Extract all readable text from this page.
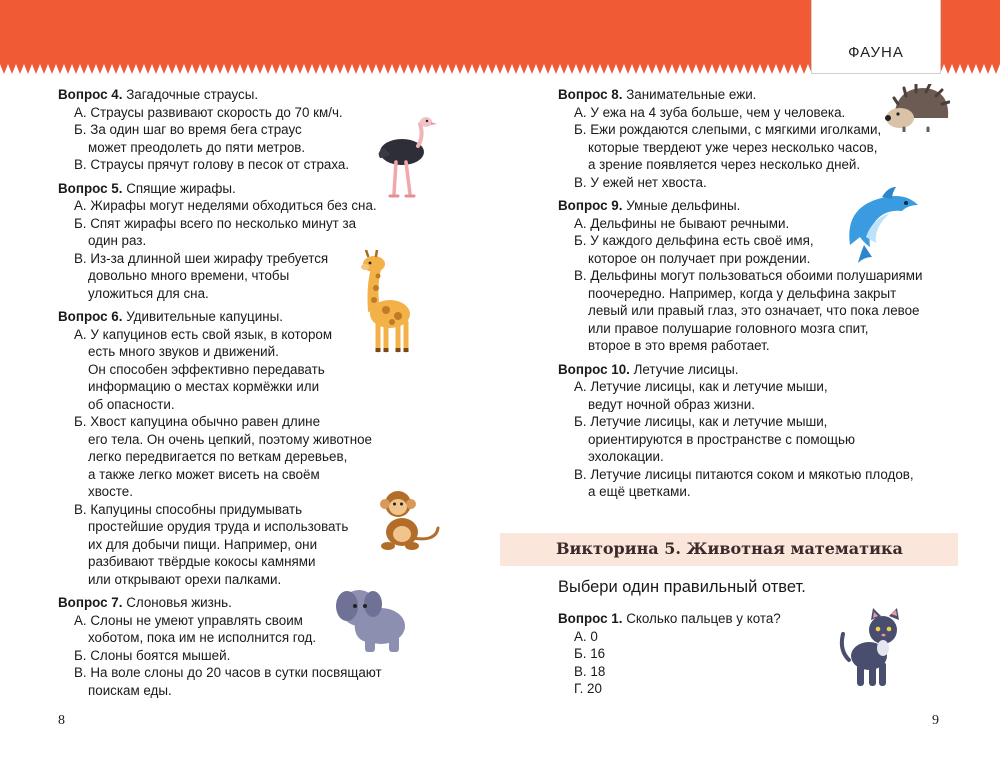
ФАУНА
Вопрос 4. Загадочные страусы.
А. Страусы развивают скорость до 70 км/ч.
Б. За один шаг во время бега страус
может преодолеть до пяти метров.
В. Страусы прячут голову в песок от страха.
Вопрос 5. Спящие жирафы.
А. Жирафы могут неделями обходиться без сна.
Б. Спят жирафы всего по несколько минут за один раз.
В. Из-за длинной шеи жирафу требуется
довольно много времени, чтобы
уложиться для сна.
Вопрос 6. Удивительные капуцины.
А. У капуцинов есть свой язык, в котором
есть много звуков и движений.
Он способен эффективно передавать
информацию о местах кормёжки или
об опасности.
Б. Хвост капуцина обычно равен длине
его тела. Он очень цепкий, поэтому животное
легко передвигается по веткам деревьев,
а также легко может висеть на своём
хвосте.
В. Капуцины способны придумывать
простейшие орудия труда и использовать
их для добычи пищи. Например, они
разбивают твёрдые кокосы камнями
или открывают орехи палками.
Вопрос 7. Слоновья жизнь.
А. Слоны не умеют управлять своим
хоботом, пока им не исполнится год.
Б. Слоны боятся мышей.
В. На воле слоны до 20 часов в сутки посвящают
поискам еды.
Вопрос 8. Занимательные ежи.
А. У ежа на 4 зуба больше, чем у человека.
Б. Ежи рождаются слепыми, с мягкими иголками,
которые твердеют уже через несколько часов,
а зрение появляется через несколько дней.
В. У ежей нет хвоста.
Вопрос 9. Умные дельфины.
А. Дельфины не бывают речными.
Б. У каждого дельфина есть своё имя,
которое он получает при рождении.
В. Дельфины могут пользоваться обоими полушариями
поочередно. Например, когда у дельфина закрыт
левый или правый глаз, это означает, что пока левое
или правое полушарие головного мозга спит,
второе в это время работает.
Вопрос 10. Летучие лисицы.
А. Летучие лисицы, как и летучие мыши,
ведут ночной образ жизни.
Б. Летучие лисицы, как и летучие мыши,
ориентируются в пространстве с помощью
эхолокации.
В. Летучие лисицы питаются соком и мякотью плодов,
а ещё цветками.
Викторина 5. Животная математика
Выбери один правильный ответ.
Вопрос 1. Сколько пальцев у кота?
А. 0
Б. 16
В. 18
Г. 20
8	9
